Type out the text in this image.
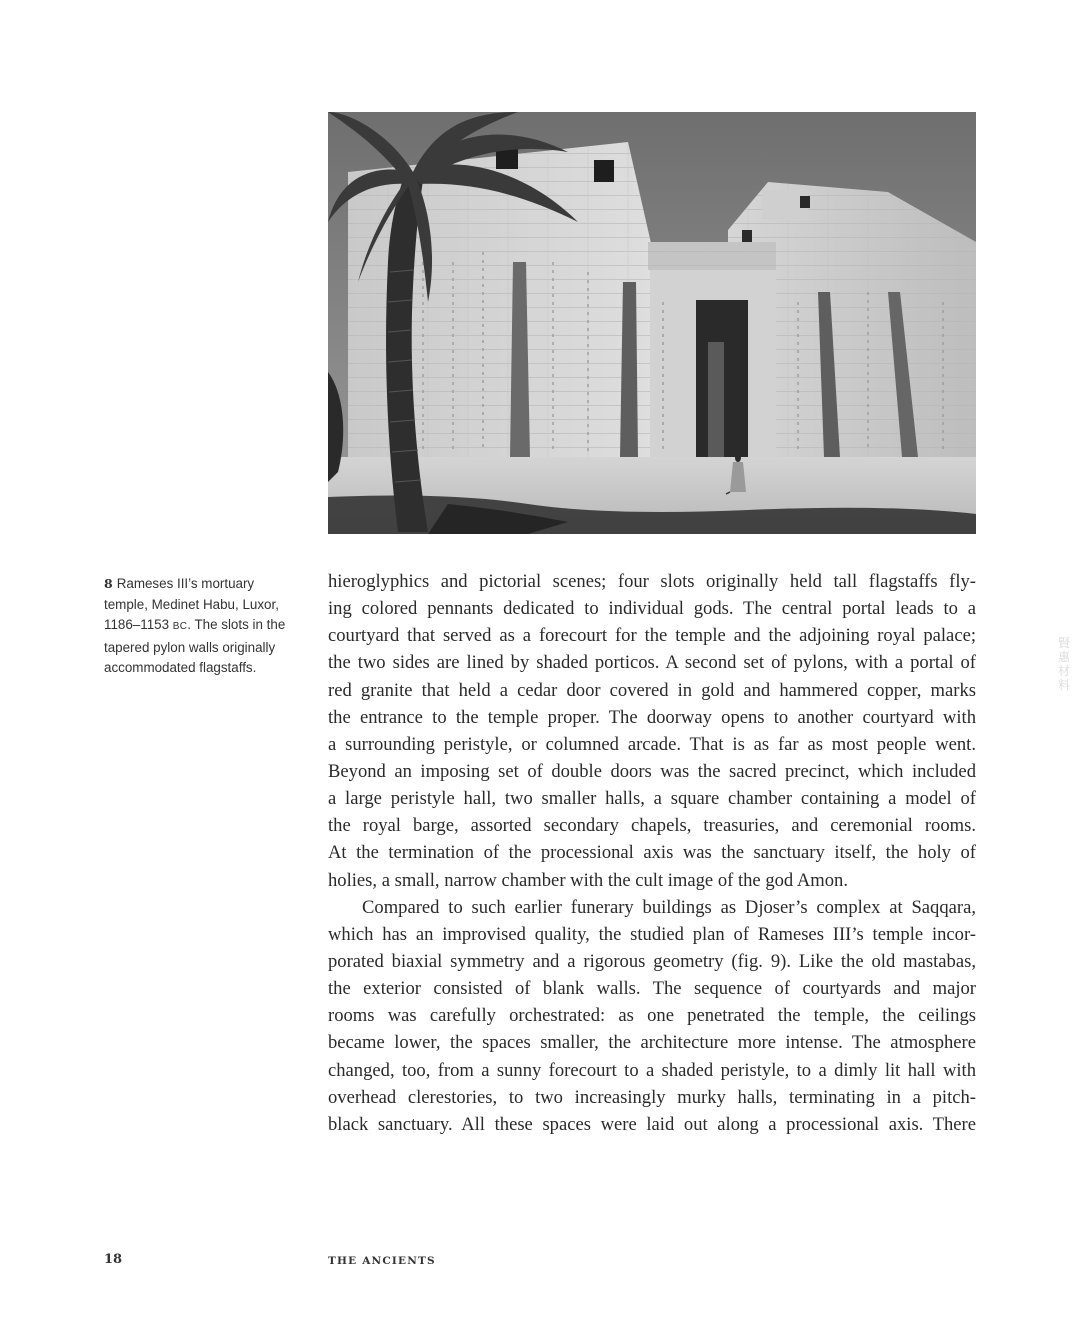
8 Rameses III’s mortuary temple, Medinet Habu, Luxor, 1186–1153 BC. The slots in the tapered pylon walls originally accommodated flagstaffs.
hieroglyphics and pictorial scenes; four slots originally held tall flagstaffs fly-
ing colored pennants dedicated to individual gods. The central portal leads to a
courtyard that served as a forecourt for the temple and the adjoining royal palace;
the two sides are lined by shaded porticos. A second set of pylons, with a portal of
red granite that held a cedar door covered in gold and hammered copper, marks
the entrance to the temple proper. The doorway opens to another courtyard with
a surrounding peristyle, or columned arcade. That is as far as most people went.
Beyond an imposing set of double doors was the sacred precinct, which included
a large peristyle hall, two smaller halls, a square chamber containing a model of
the royal barge, assorted secondary chapels, treasuries, and ceremonial rooms.
At the termination of the processional axis was the sanctuary itself, the holy of
holies, a small, narrow chamber with the cult image of the god Amon.
Compared to such earlier funerary buildings as Djoser’s complex at Saqqara,
which has an improvised quality, the studied plan of Rameses III’s temple incor-
porated biaxial symmetry and a rigorous geometry (fig. 9). Like the old mastabas,
the exterior consisted of blank walls. The sequence of courtyards and major
rooms was carefully orchestrated: as one penetrated the temple, the ceilings
became lower, the spaces smaller, the architecture more intense. The atmosphere
changed, too, from a sunny forecourt to a shaded peristyle, to a dimly lit hall with
overhead clerestories, to two increasingly murky halls, terminating in a pitch-
black sanctuary. All these spaces were laid out along a processional axis. There
18	THE ANCIENTS
賢惠材料
